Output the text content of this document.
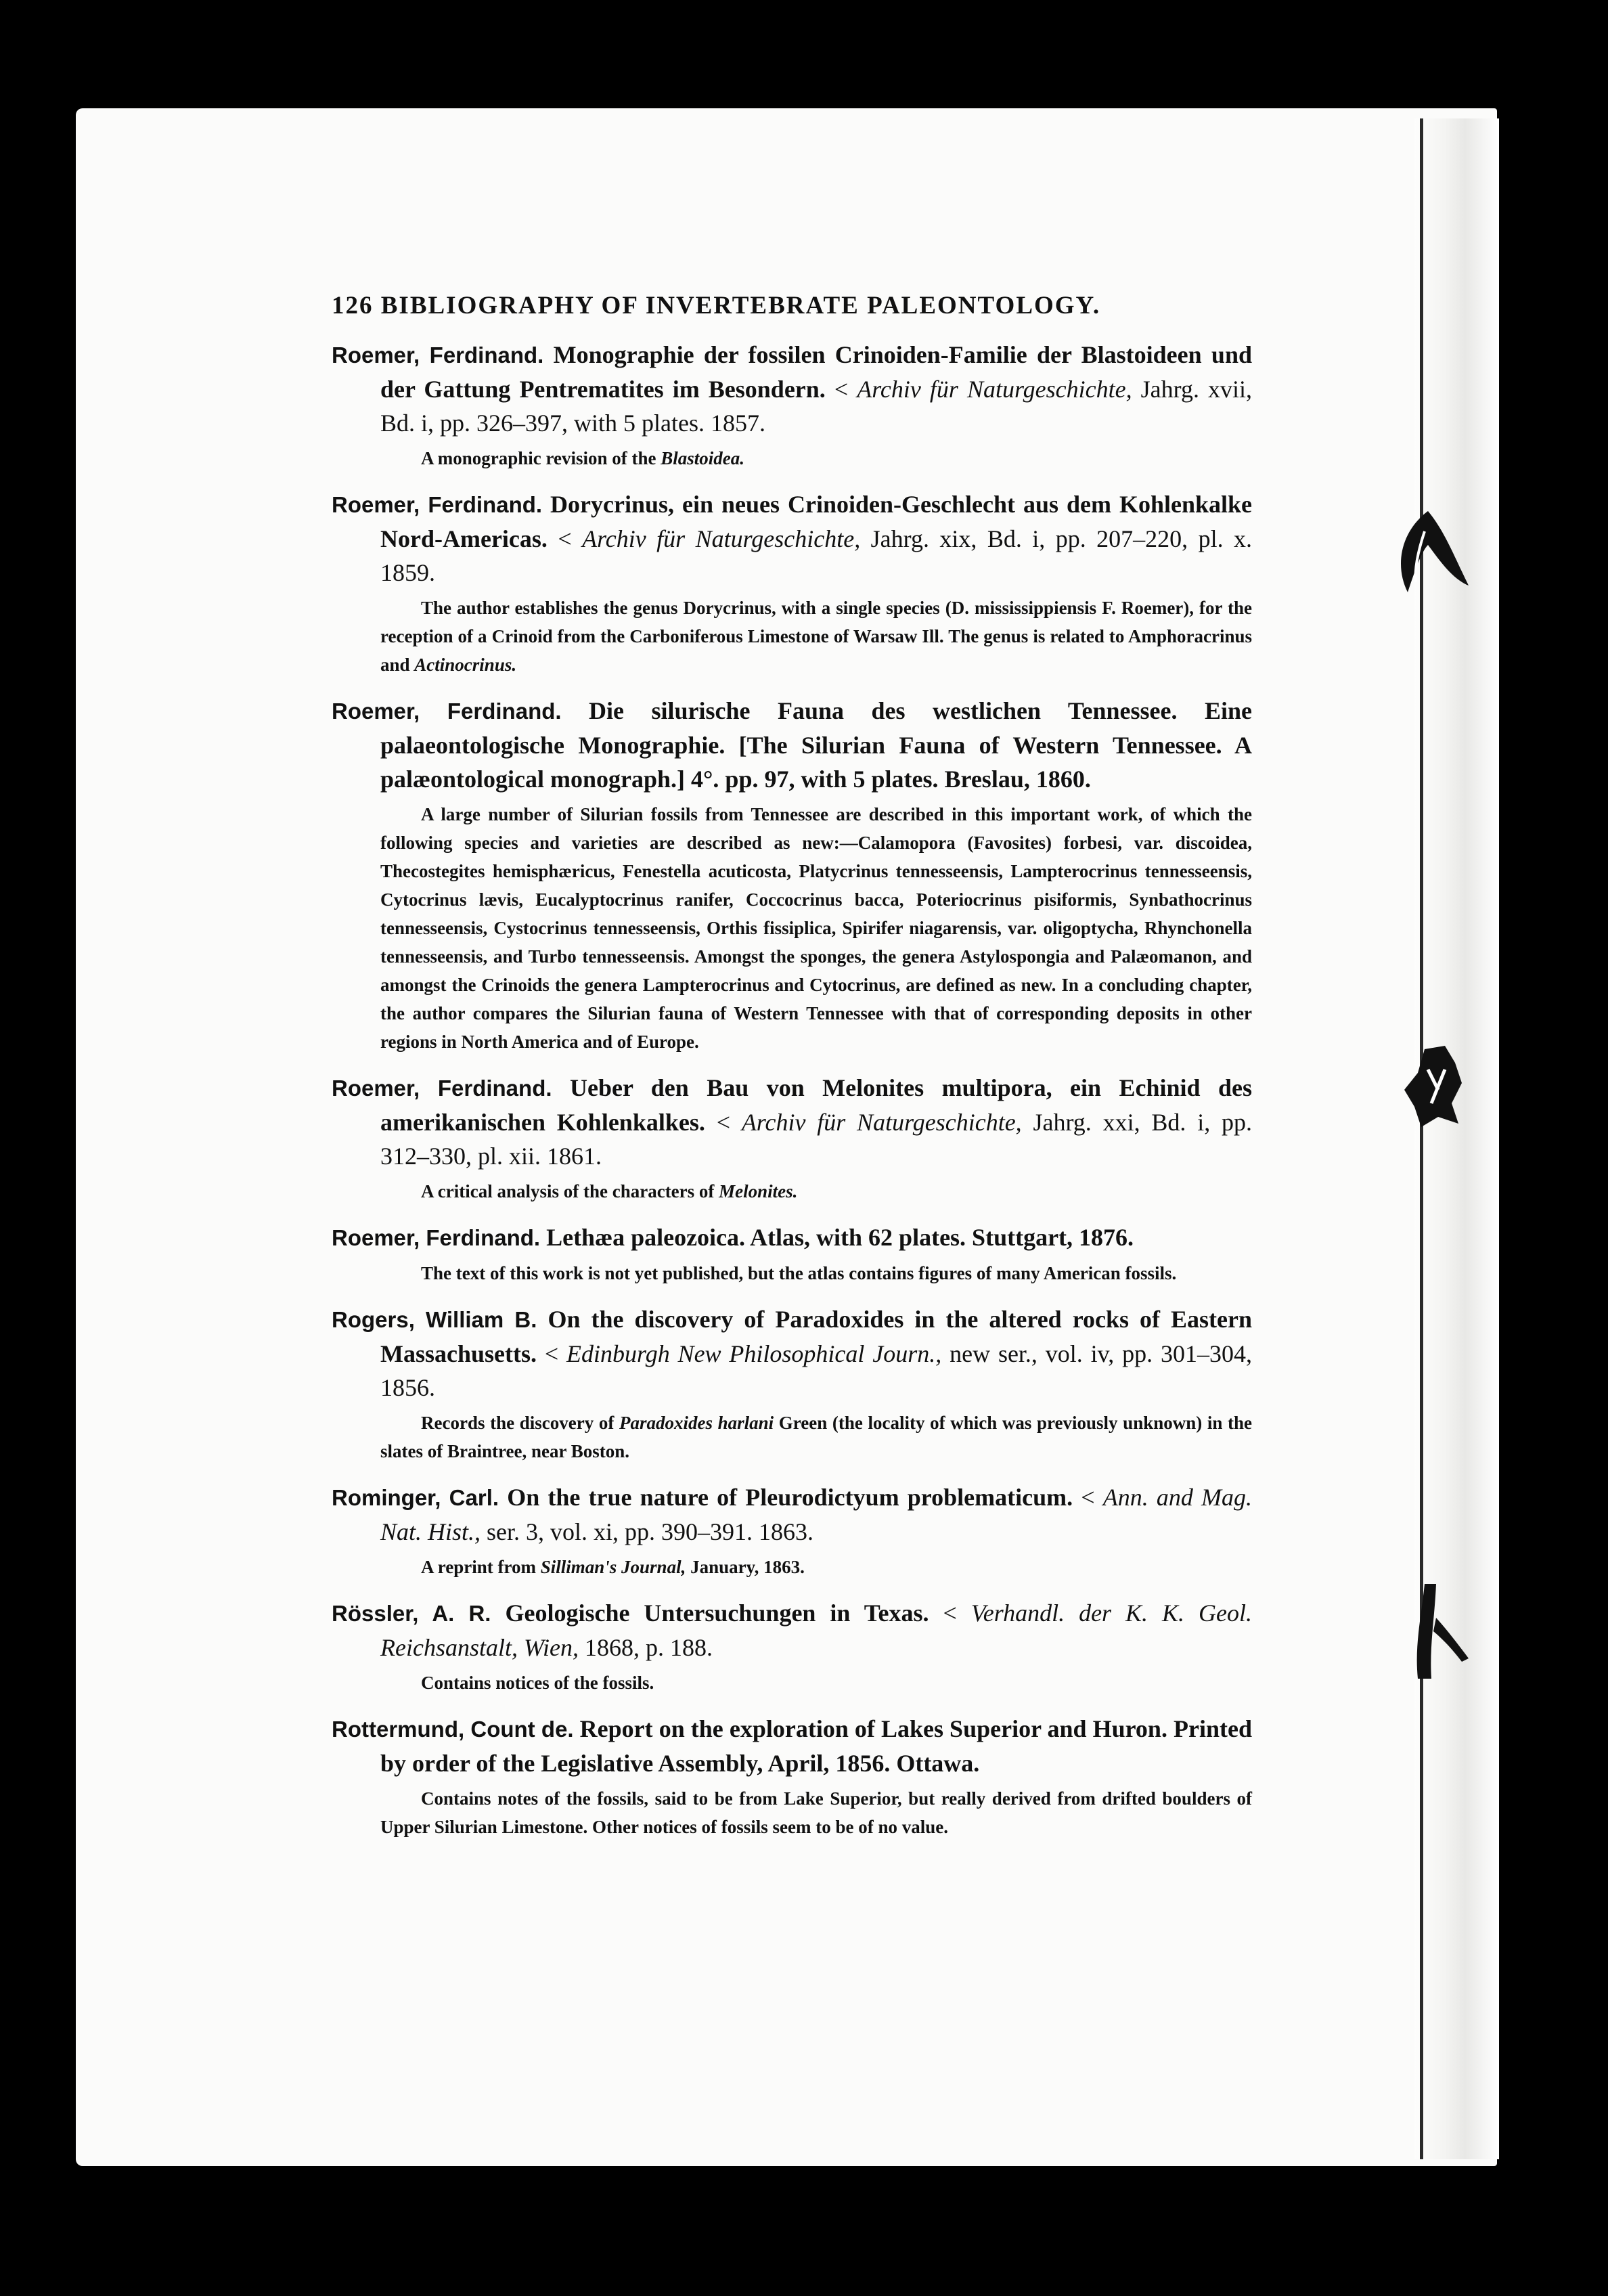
126 BIBLIOGRAPHY OF INVERTEBRATE PALEONTOLOGY.
Roemer, Ferdinand. Monographie der fossilen Crinoiden-Familie der Blastoideen und der Gattung Pentrematites im Besondern. < Archiv für Naturgeschichte, Jahrg. xvii, Bd. i, pp. 326–397, with 5 plates. 1857.
A monographic revision of the Blastoidea.
Roemer, Ferdinand. Dorycrinus, ein neues Crinoiden-Geschlecht aus dem Kohlenkalke Nord-Americas. < Archiv für Naturgeschichte, Jahrg. xix, Bd. i, pp. 207–220, pl. x. 1859.
The author establishes the genus Dorycrinus, with a single species (D. mississippiensis F. Roemer), for the reception of a Crinoid from the Carboniferous Limestone of Warsaw Ill. The genus is related to Amphoracrinus and Actinocrinus.
Roemer, Ferdinand. Die silurische Fauna des westlichen Tennessee. Eine palaeontologische Monographie. [The Silurian Fauna of Western Tennessee. A palæontological monograph.] 4°. pp. 97, with 5 plates. Breslau, 1860.
A large number of Silurian fossils from Tennessee are described in this important work, of which the following species and varieties are described as new:—Calamopora (Favosites) forbesi, var. discoidea, Thecostegites hemisphæricus, Fenestella acuticosta, Platycrinus tennesseensis, Lampterocrinus tennesseensis, Cytocrinus lævis, Eucalyptocrinus ranifer, Coccocrinus bacca, Poteriocrinus pisiformis, Synbathocrinus tennesseensis, Cystocrinus tennesseensis, Orthis fissiplica, Spirifer niagarensis, var. oligoptycha, Rhynchonella tennesseensis, and Turbo tennesseensis. Amongst the sponges, the genera Astylospongia and Palæomanon, and amongst the Crinoids the genera Lampterocrinus and Cytocrinus, are defined as new. In a concluding chapter, the author compares the Silurian fauna of Western Tennessee with that of corresponding deposits in other regions in North America and of Europe.
Roemer, Ferdinand. Ueber den Bau von Melonites multipora, ein Echinid des amerikanischen Kohlenkalkes. < Archiv für Naturgeschichte, Jahrg. xxi, Bd. i, pp. 312–330, pl. xii. 1861.
A critical analysis of the characters of Melonites.
Roemer, Ferdinand. Lethæa paleozoica. Atlas, with 62 plates. Stuttgart, 1876.
The text of this work is not yet published, but the atlas contains figures of many American fossils.
Rogers, William B. On the discovery of Paradoxides in the altered rocks of Eastern Massachusetts. < Edinburgh New Philosophical Journ., new ser., vol. iv, pp. 301–304, 1856.
Records the discovery of Paradoxides harlani Green (the locality of which was previously unknown) in the slates of Braintree, near Boston.
Rominger, Carl. On the true nature of Pleurodictyum problematicum. < Ann. and Mag. Nat. Hist., ser. 3, vol. xi, pp. 390–391. 1863.
A reprint from Silliman's Journal, January, 1863.
Rössler, A. R. Geologische Untersuchungen in Texas. < Verhandl. der K. K. Geol. Reichsanstalt, Wien, 1868, p. 188.
Contains notices of the fossils.
Rottermund, Count de. Report on the exploration of Lakes Superior and Huron. Printed by order of the Legislative Assembly, April, 1856. Ottawa.
Contains notes of the fossils, said to be from Lake Superior, but really derived from drifted boulders of Upper Silurian Limestone. Other notices of fossils seem to be of no value.
